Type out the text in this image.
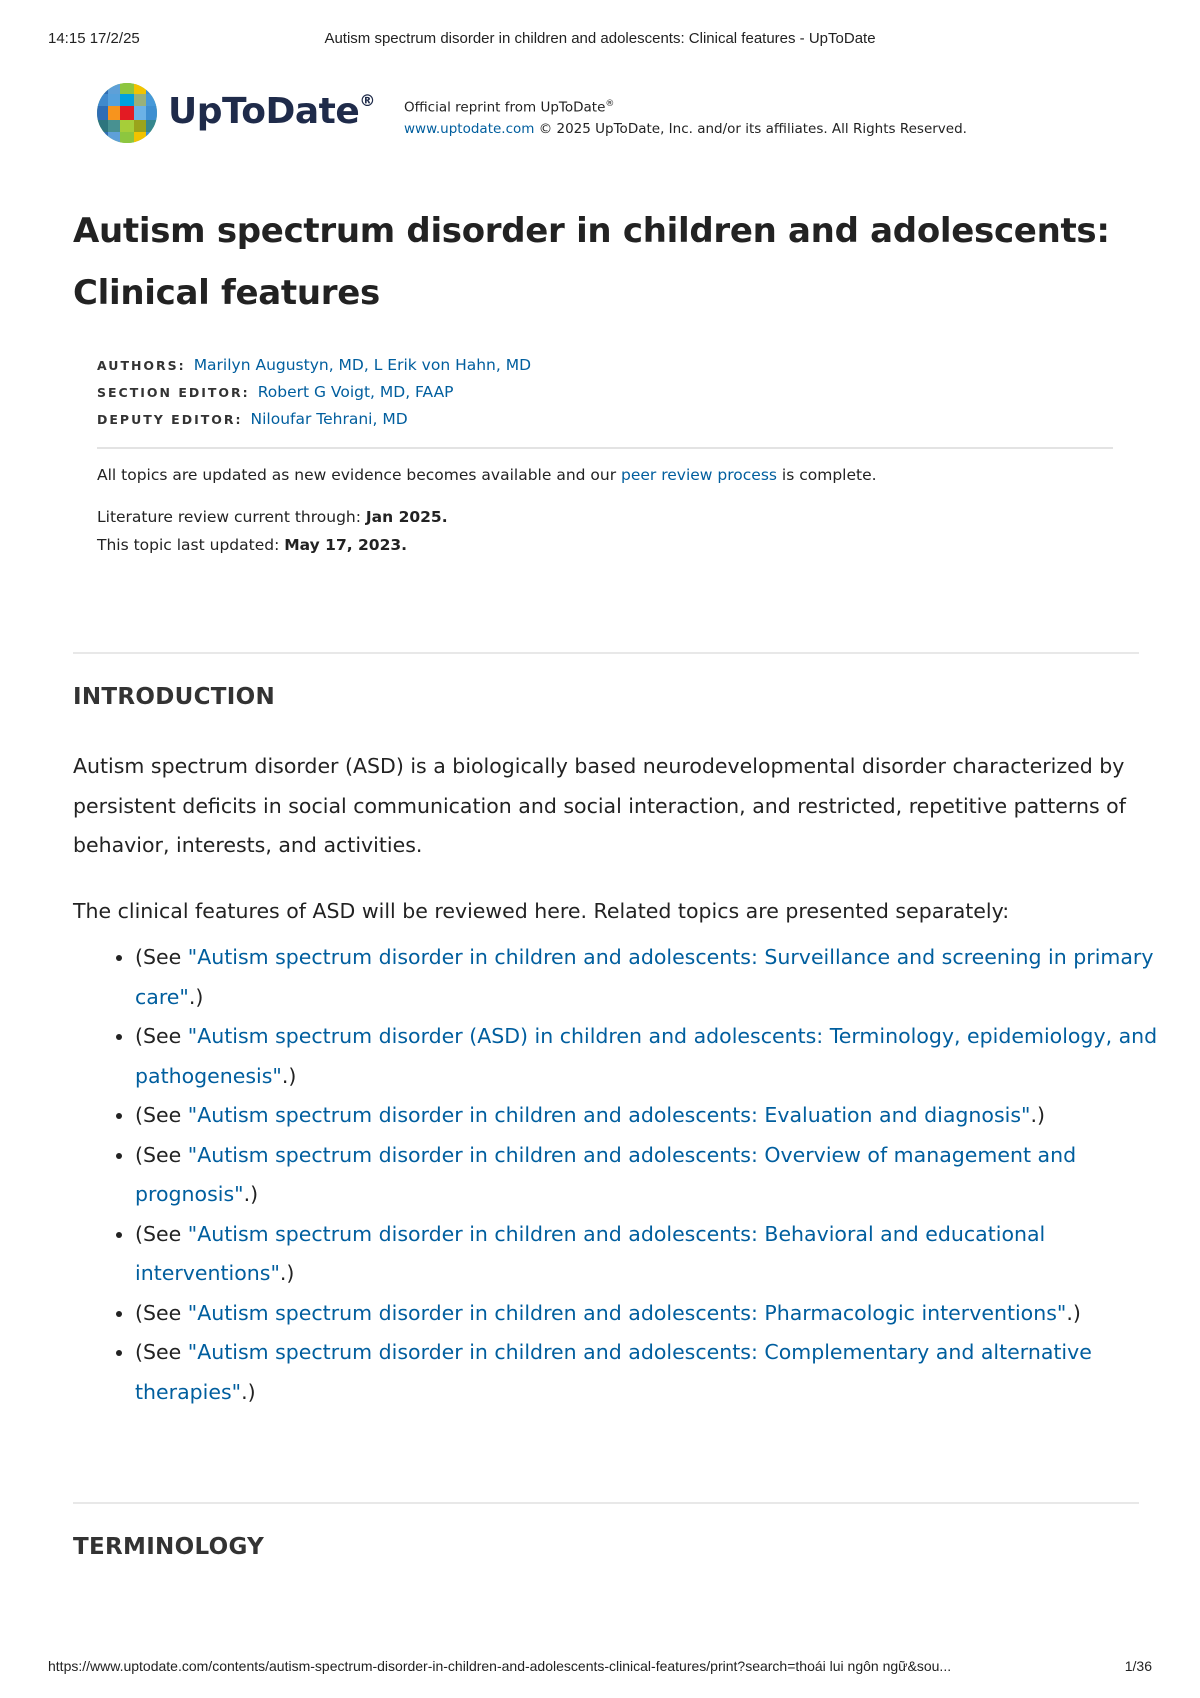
14:15 17/2/25	Autism spectrum disorder in children and adolescents: Clinical features - UpToDate
UpToDate® Official reprint from UpToDate®
www.uptodate.com © 2025 UpToDate, Inc. and/or its affiliates. All Rights Reserved.
Autism spectrum disorder in children and adolescents: Clinical features
AUTHORS: Marilyn Augustyn, MD, L Erik von Hahn, MD
SECTION EDITOR: Robert G Voigt, MD, FAAP
DEPUTY EDITOR: Niloufar Tehrani, MD
All topics are updated as new evidence becomes available and our peer review process is complete.
Literature review current through: Jan 2025.
This topic last updated: May 17, 2023.
INTRODUCTION

Autism spectrum disorder (ASD) is a biologically based neurodevelopmental disorder characterized by persistent deficits in social communication and social interaction, and restricted, repetitive patterns of behavior, interests, and activities.

The clinical features of ASD will be reviewed here. Related topics are presented separately:

• (See "Autism spectrum disorder in children and adolescents: Surveillance and screening in primary care".)
• (See "Autism spectrum disorder (ASD) in children and adolescents: Terminology, epidemiology, and pathogenesis".)
• (See "Autism spectrum disorder in children and adolescents: Evaluation and diagnosis".)
• (See "Autism spectrum disorder in children and adolescents: Overview of management and prognosis".)
• (See "Autism spectrum disorder in children and adolescents: Behavioral and educational interventions".)
• (See "Autism spectrum disorder in children and adolescents: Pharmacologic interventions".)
• (See "Autism spectrum disorder in children and adolescents: Complementary and alternative therapies".)
TERMINOLOGY
https://www.uptodate.com/contents/autism-spectrum-disorder-in-children-and-adolescents-clinical-features/print?search=thoái lui ngôn ngữ&sou...	1/36
